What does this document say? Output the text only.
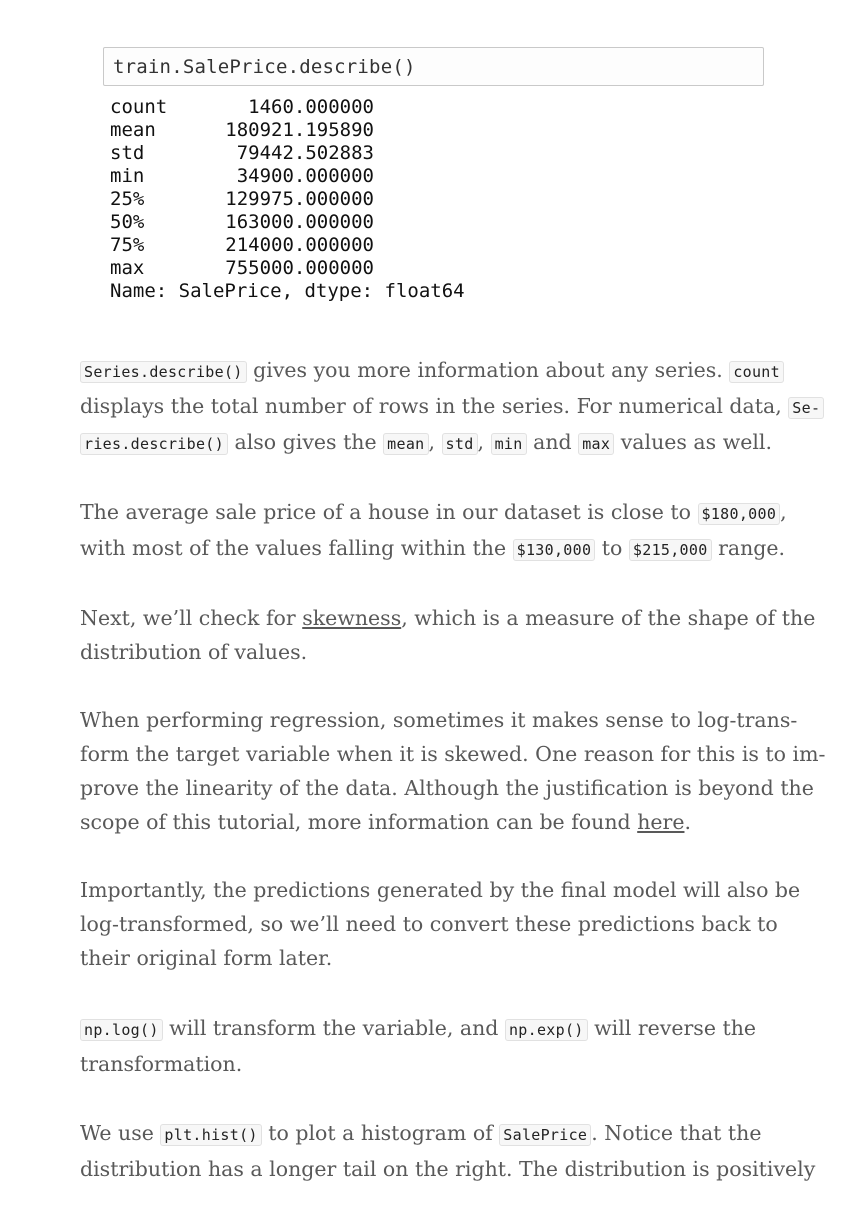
train.SalePrice.describe()
count	1460.000000
mean	180921.195890
std	79442.502883
min	34900.000000
25%	129975.000000
50%	163000.000000
75%	214000.000000
max	755000.000000
Name: SalePrice, dtype: float64
Series.describe() gives you more information about any series. count
displays the total number of rows in the series. For numerical data, Se-
ries.describe() also gives the mean , std , min and max values as well.
The average sale price of a house in our dataset is close to $180,000 ,
with most of the values falling within the $130,000 to $215,000 range.
Next, we’ll check for skewness, which is a measure of the shape of the
distribution of values.
When performing regression, sometimes it makes sense to log-trans-
form the target variable when it is skewed. One reason for this is to im-
prove the linearity of the data. Although the justification is beyond the
scope of this tutorial, more information can be found here.
Importantly, the predictions generated by the final model will also be
log-transformed, so we’ll need to convert these predictions back to
their original form later.
np.log() will transform the variable, and np.exp() will reverse the
transformation.
We use plt.hist() to plot a histogram of SalePrice . Notice that the
distribution has a longer tail on the right. The distribution is positively
